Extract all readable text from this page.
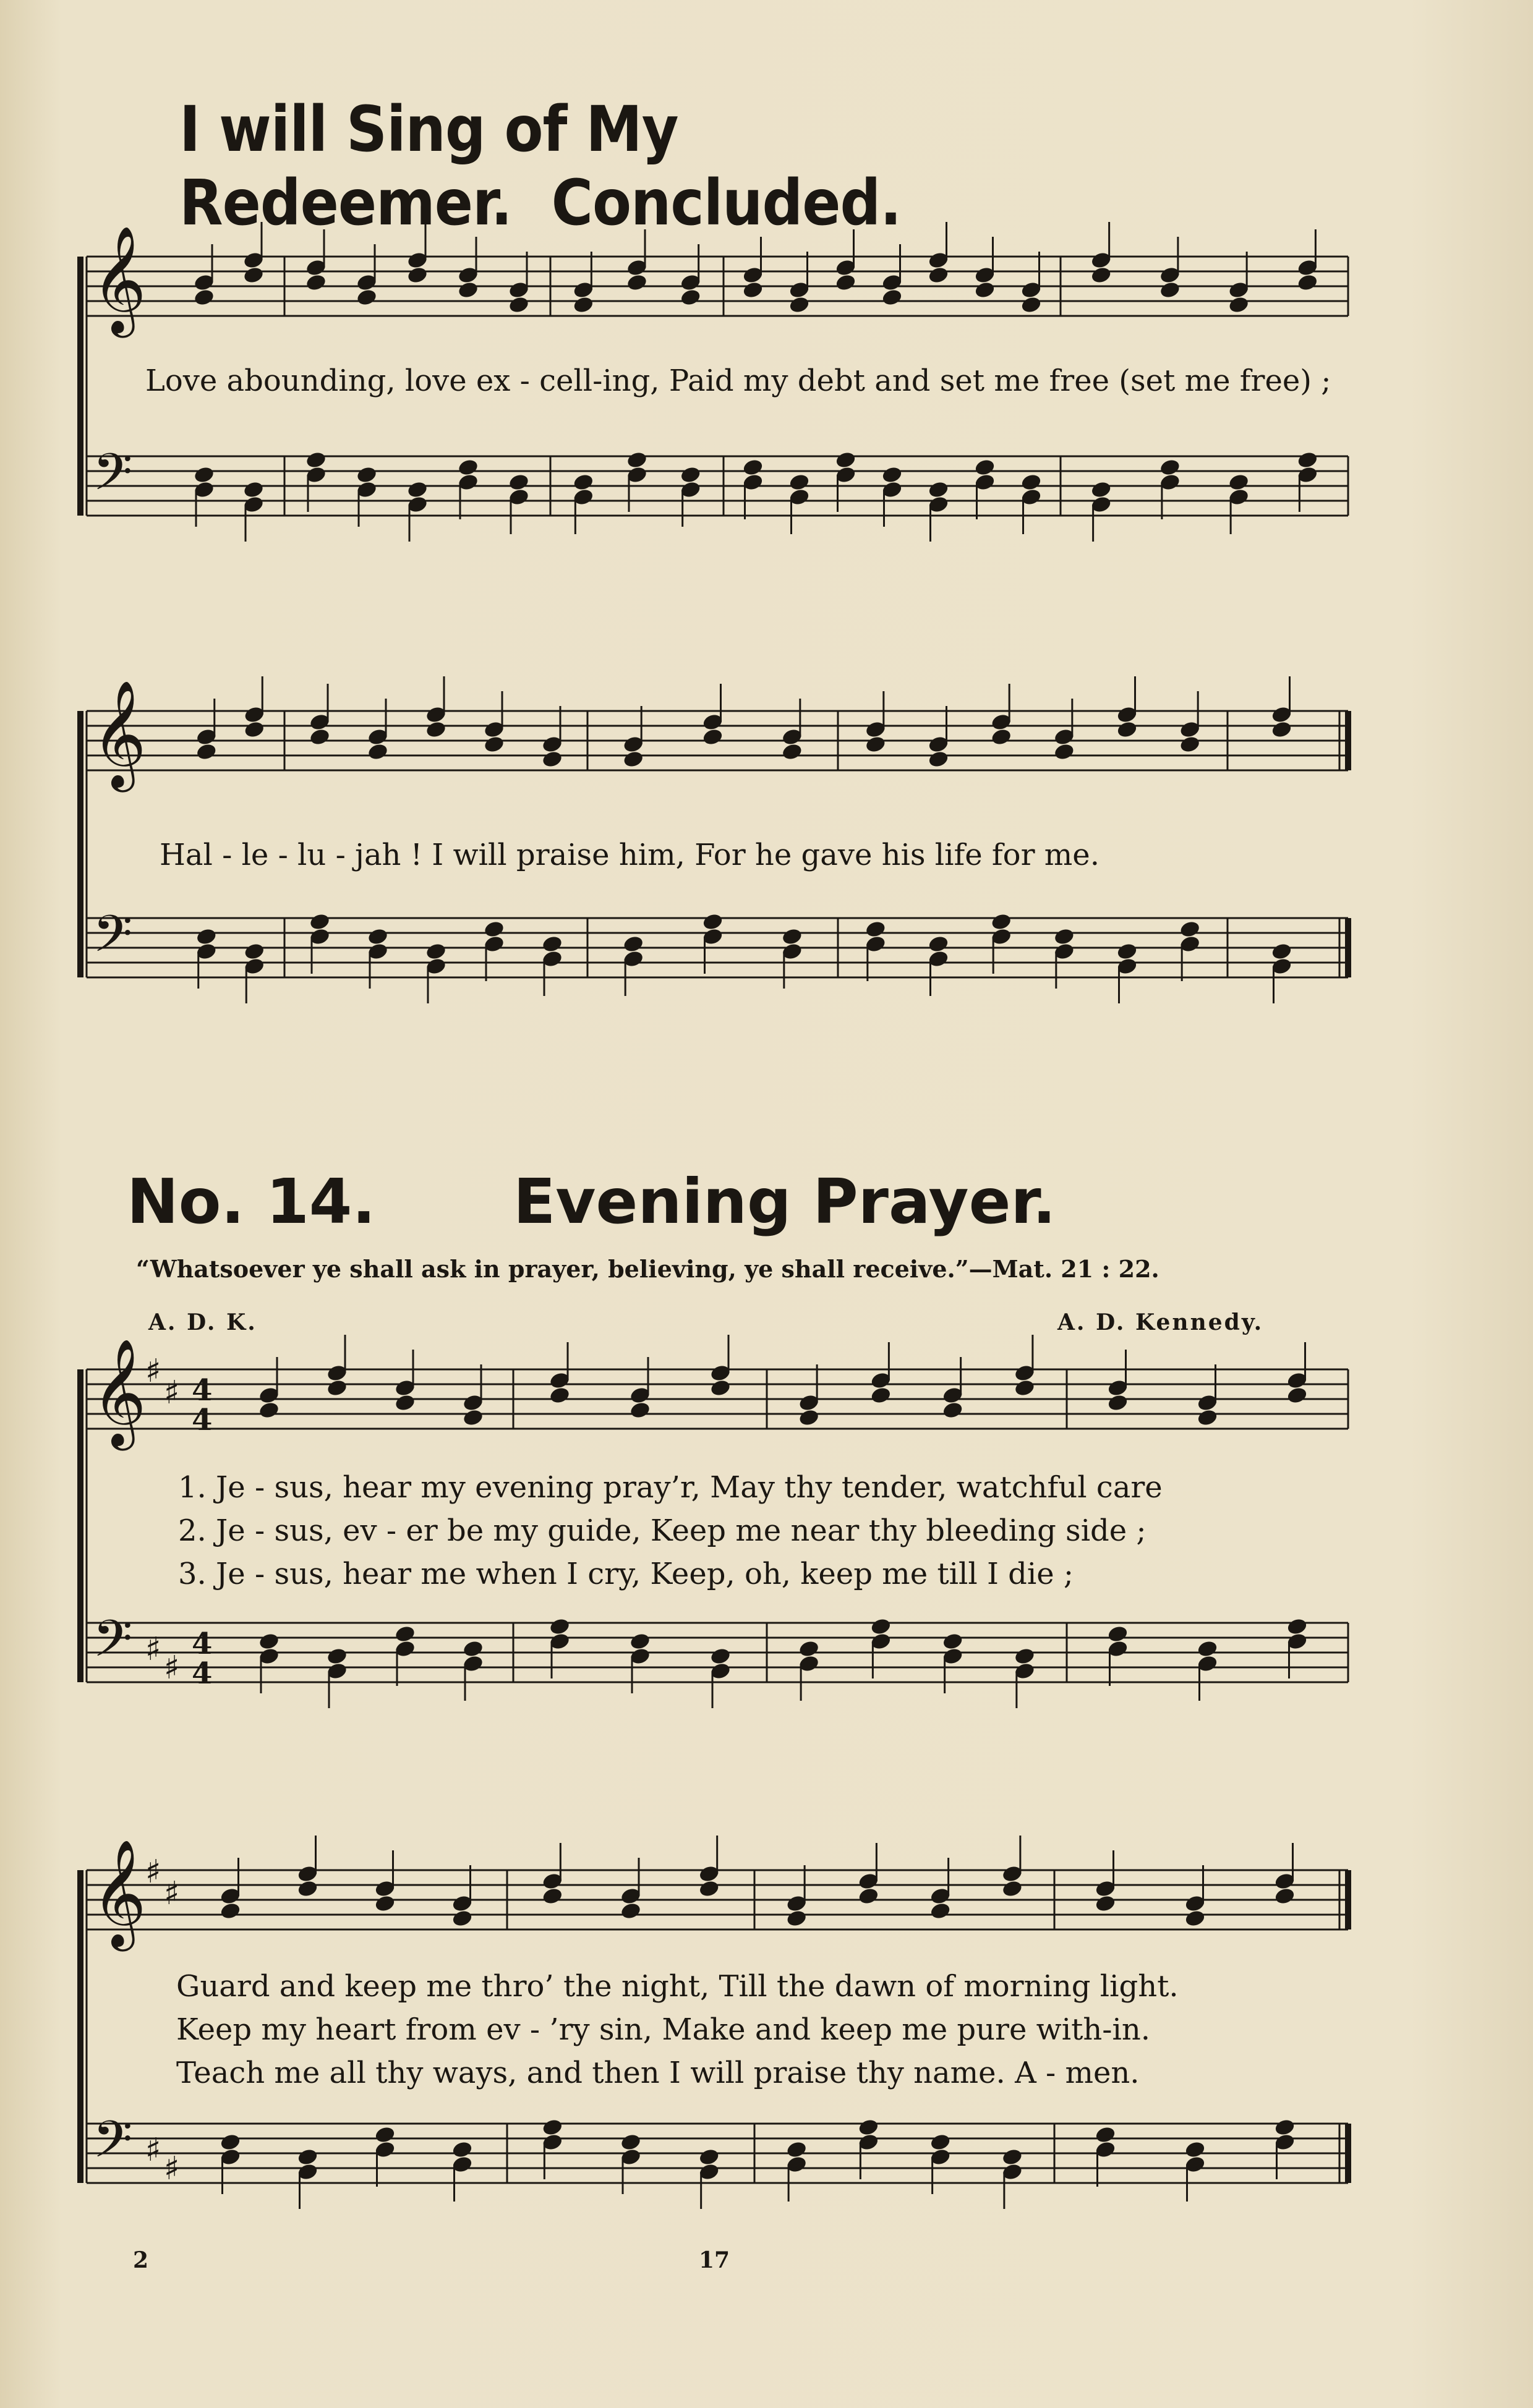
I will Sing of My Redeemer. Concluded.
𝄞
𝄢
𝄞
𝄢
𝄞
𝄢
♯
♯
♯ ♯
4
4
4
4
𝄞
𝄢
♯
♯
♯ ♯
Love abounding, love ex - cell-ing, Paid my debt and set me free (set me free) ;
Hal - le - lu - jah ! I will praise him, For he gave his life for me.
No. 14. Evening Prayer.
“Whatsoever ye shall ask in prayer, believing, ye shall receive.”—Mat. 21 : 22.
A. D. K.	A. D. Kennedy.
1. Je - sus, hear my evening pray’r, May thy tender, watchful care
2. Je - sus, ev - er be my guide, Keep me near thy bleeding side ;
3. Je - sus, hear me when I cry, Keep, oh, keep me till I die ;
Guard and keep me thro’ the night, Till the dawn of morning light.
Keep my heart from ev - ’ry sin, Make and keep me pure with-in.
Teach me all thy ways, and then I will praise thy name. A - men.
2	17
